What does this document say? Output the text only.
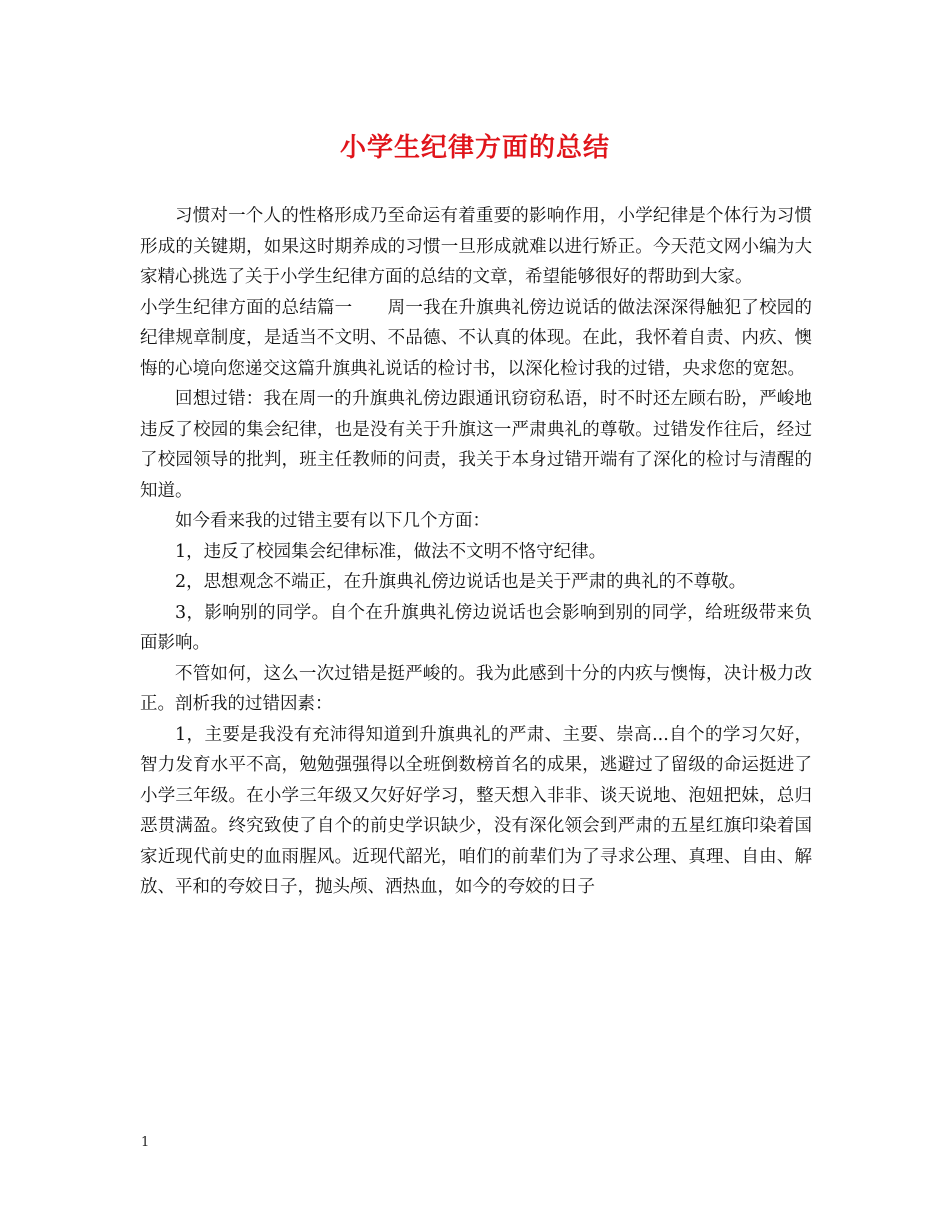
小学生纪律方面的总结

习惯对一个人的性格形成乃至命运有着重要的影响作用，小学纪律是个体行为习惯形成的关键期，如果这时期养成的习惯一旦形成就难以进行矫正。今天范文网小编为大家精心挑选了关于小学生纪律方面的总结的文章，希望能够很好的帮助到大家。

小学生纪律方面的总结篇一　　周一我在升旗典礼傍边说话的做法深深得触犯了校园的纪律规章制度，是适当不文明、不品德、不认真的体现。在此，我怀着自责、内疚、懊悔的心境向您递交这篇升旗典礼说话的检讨书，以深化检讨我的过错，央求您的宽恕。

回想过错：我在周一的升旗典礼傍边跟通讯窃窃私语，时不时还左顾右盼，严峻地违反了校园的集会纪律，也是没有关于升旗这一严肃典礼的尊敬。过错发作往后，经过了校园领导的批判，班主任教师的问责，我关于本身过错开端有了深化的检讨与清醒的知道。

如今看来我的过错主要有以下几个方面：

1，违反了校园集会纪律标准，做法不文明不恪守纪律。

2，思想观念不端正，在升旗典礼傍边说话也是关于严肃的典礼的不尊敬。

3，影响别的同学。自个在升旗典礼傍边说话也会影响到别的同学，给班级带来负面影响。

不管如何，这么一次过错是挺严峻的。我为此感到十分的内疚与懊悔，决计极力改正。剖析我的过错因素：

1，主要是我没有充沛得知道到升旗典礼的严肃、主要、崇高...自个的学习欠好，智力发育水平不高，勉勉强强得以全班倒数榜首名的成果，逃避过了留级的命运挺进了小学三年级。在小学三年级又欠好好学习，整天想入非非、谈天说地、泡妞把妹，总归恶贯满盈。终究致使了自个的前史学识缺少，没有深化领会到严肃的五星红旗印染着国家近现代前史的血雨腥风。近现代韶光，咱们的前辈们为了寻求公理、真理、自由、解放、平和的夸姣日子，抛头颅、洒热血，如今的夸姣的日子

1
